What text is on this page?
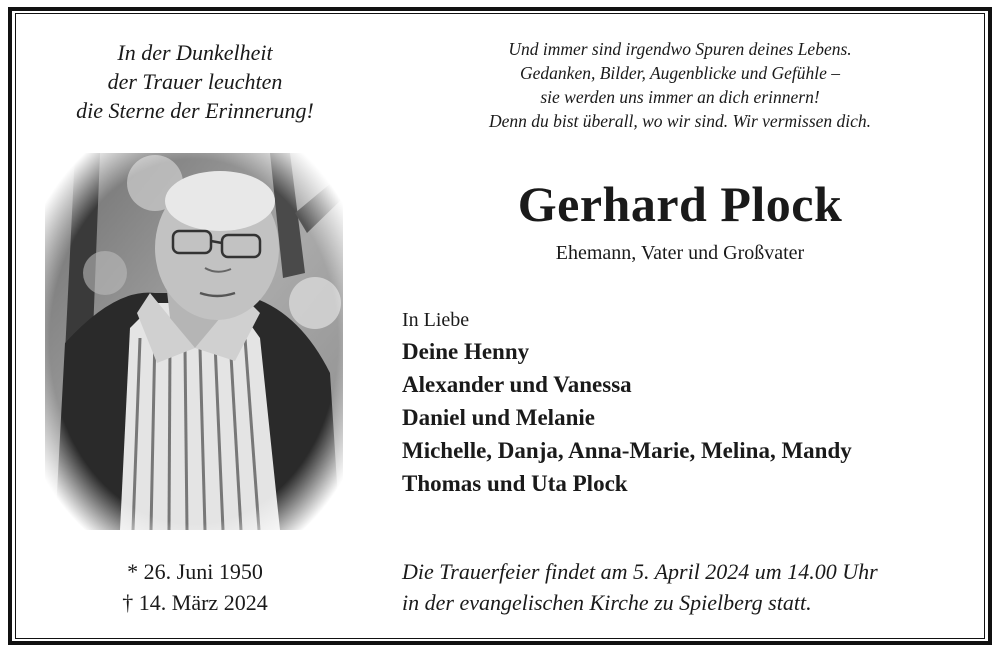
In der Dunkelheit
der Trauer leuchten
die Sterne der Erinnerung!
Und immer sind irgendwo Spuren deines Lebens.
Gedanken, Bilder, Augenblicke und Gefühle –
sie werden uns immer an dich erinnern!
Denn du bist überall, wo wir sind. Wir vermissen dich.
Gerhard Plock
Ehemann, Vater und Großvater
In Liebe
Deine Henny
Alexander und Vanessa
Daniel und Melanie
Michelle, Danja, Anna-Marie, Melina, Mandy
Thomas und Uta Plock
* 26. Juni 1950
† 14. März 2024
Die Trauerfeier findet am 5. April 2024 um 14.00 Uhr
in der evangelischen Kirche zu Spielberg statt.
